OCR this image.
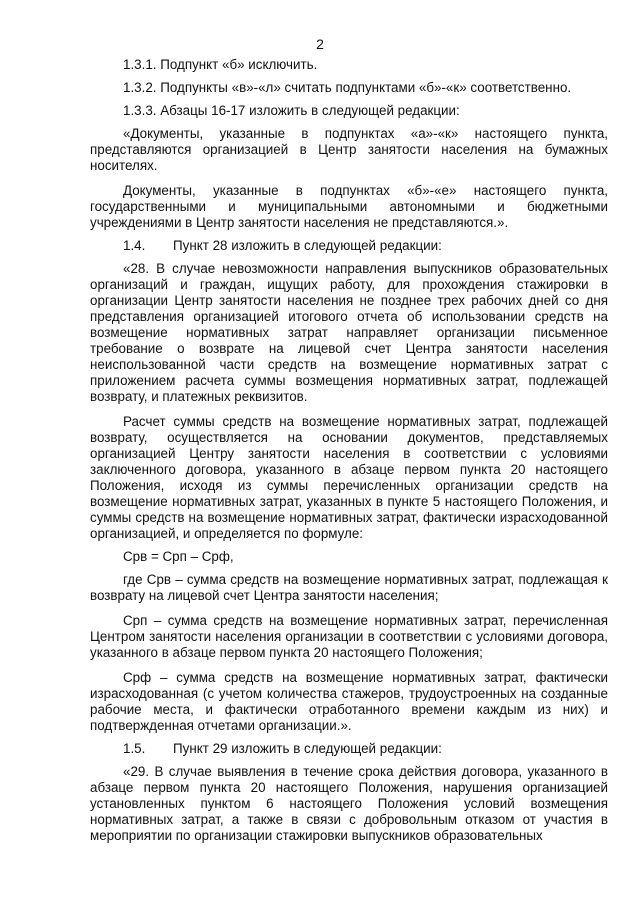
2

1.3.1. Подпункт «б» исключить.

1.3.2. Подпункты «в»-«л» считать подпунктами «б»-«к» соответственно.

1.3.3. Абзацы 16-17 изложить в следующей редакции:

«Документы, указанные в подпунктах «а»-«к» настоящего пункта, представляются организацией в Центр занятости населения на бумажных носителях.

Документы, указанные в подпунктах «б»-«е» настоящего пункта, государственными и муниципальными автономными и бюджетными учреждениями в Центр занятости населения не представляются.».

1.4. Пункт 28 изложить в следующей редакции:

«28. В случае невозможности направления выпускников образовательных организаций и граждан, ищущих работу, для прохождения стажировки в организации Центр занятости населения не позднее трех рабочих дней со дня представления организацией итогового отчета об использовании средств на возмещение нормативных затрат направляет организации письменное требование о возврате на лицевой счет Центра занятости населения неиспользованной части средств на возмещение нормативных затрат с приложением расчета суммы возмещения нормативных затрат, подлежащей возврату, и платежных реквизитов.

Расчет суммы средств на возмещение нормативных затрат, подлежащей возврату, осуществляется на основании документов, представляемых организацией Центру занятости населения в соответствии с условиями заключенного договора, указанного в абзаце первом пункта 20 настоящего Положения, исходя из суммы перечисленных организации средств на возмещение нормативных затрат, указанных в пункте 5 настоящего Положения, и суммы средств на возмещение нормативных затрат, фактически израсходованной организацией, и определяется по формуле:

Срв = Срп – Срф,

где Срв – сумма средств на возмещение нормативных затрат, подлежащая к возврату на лицевой счет Центра занятости населения;

Срп – сумма средств на возмещение нормативных затрат, перечисленная Центром занятости населения организации в соответствии с условиями договора, указанного в абзаце первом пункта 20 настоящего Положения;

Срф – сумма средств на возмещение нормативных затрат, фактически израсходованная (с учетом количества стажеров, трудоустроенных на созданные рабочие места, и фактически отработанного времени каждым из них) и подтвержденная отчетами организации.».

1.5. Пункт 29 изложить в следующей редакции:

«29. В случае выявления в течение срока действия договора, указанного в абзаце первом пункта 20 настоящего Положения, нарушения организацией установленных пунктом 6 настоящего Положения условий возмещения нормативных затрат, а также в связи с добровольным отказом от участия в мероприятии по организации стажировки выпускников образовательных
